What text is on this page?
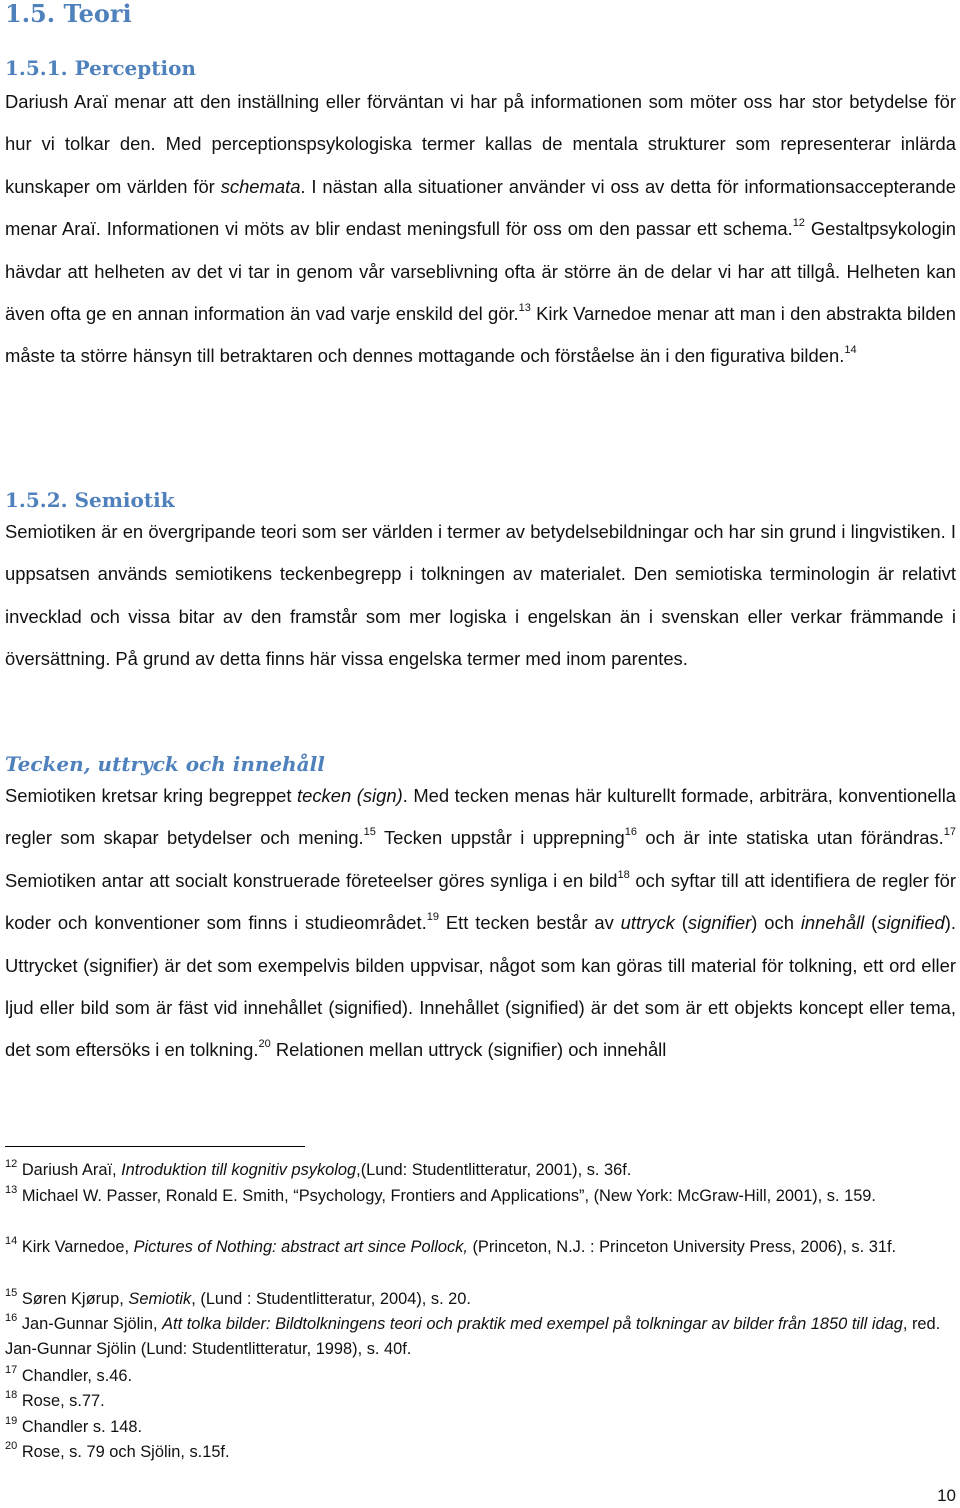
1.5. Teori
1.5.1. Perception

Dariush Araï menar att den inställning eller förväntan vi har på informationen som möter oss har stor betydelse för hur vi tolkar den. Med perceptionspsykologiska termer kallas de mentala strukturer som representerar inlärda kunskaper om världen för schemata. I nästan alla situationer använder vi oss av detta för informationsaccepterande menar Araï. Informationen vi möts av blir endast meningsfull för oss om den passar ett schema.$^{12}$ Gestaltpsykologin hävdar att helheten av det vi tar in genom vår varseblivning ofta är större än de delar vi har att tillgå. Helheten kan även ofta ge en annan information än vad varje enskild del gör.$^{13}$ Kirk Varnedoe menar att man i den abstrakta bilden måste ta större hänsyn till betraktaren och dennes mottagande och förståelse än i den figurativa bilden.$^{14}$

1.5.2. Semiotik

Semiotiken är en övergripande teori som ser världen i termer av betydelsebildningar och har sin grund i lingvistiken. I uppsatsen används semiotikens teckenbegrepp i tolkningen av materialet. Den semiotiska terminologin är relativt invecklad och vissa bitar av den framstår som mer logiska i engelskan än i svenskan eller verkar främmande i översättning. På grund av detta finns här vissa engelska termer med inom parentes.

Tecken, uttryck och innehåll

Semiotiken kretsar kring begreppet tecken (sign). Med tecken menas här kulturellt formade, arbiträra, konventionella regler som skapar betydelser och mening.$^{15}$ Tecken uppstår i upprepning$^{16}$ och är inte statiska utan förändras.$^{17}$ Semiotiken antar att socialt konstruerade företeelser göres synliga i en bild$^{18}$ och syftar till att identifiera de regler för koder och konventioner som finns i studieområdet.$^{19}$ Ett tecken består av uttryck (signifier) och innehåll (signified). Uttrycket (signifier) är det som exempelvis bilden uppvisar, något som kan göras till material för tolkning, ett ord eller ljud eller bild som är fäst vid innehållet (signified). Innehållet (signified) är det som är ett objekts koncept eller tema, det som eftersöks i en tolkning.$^{20}$ Relationen mellan uttryck (signifier) och innehåll

$^{12}$ Dariush Araï, Introduktion till kognitiv psykolog,(Lund: Studentlitteratur, 2001), s. 36f.

$^{13}$ Michael W. Passer, Ronald E. Smith, “Psychology, Frontiers and Applications”, (New York: McGraw-Hill, 2001), s. 159.

$^{14}$ Kirk Varnedoe, Pictures of Nothing: abstract art since Pollock, (Princeton, N.J. : Princeton University Press, 2006), s. 31f.

$^{15}$ Søren Kjørup, Semiotik, (Lund : Studentlitteratur, 2004), s. 20.

$^{16}$ Jan-Gunnar Sjölin, Att tolka bilder: Bildtolkningens teori och praktik med exempel på tolkningar av bilder från 1850 till idag, red. Jan-Gunnar Sjölin (Lund: Studentlitteratur, 1998), s. 40f.

$^{17}$ Chandler, s.46.

$^{18}$ Rose, s.77.

$^{19}$ Chandler s. 148.

$^{20}$ Rose, s. 79 och Sjölin, s.15f.

10
